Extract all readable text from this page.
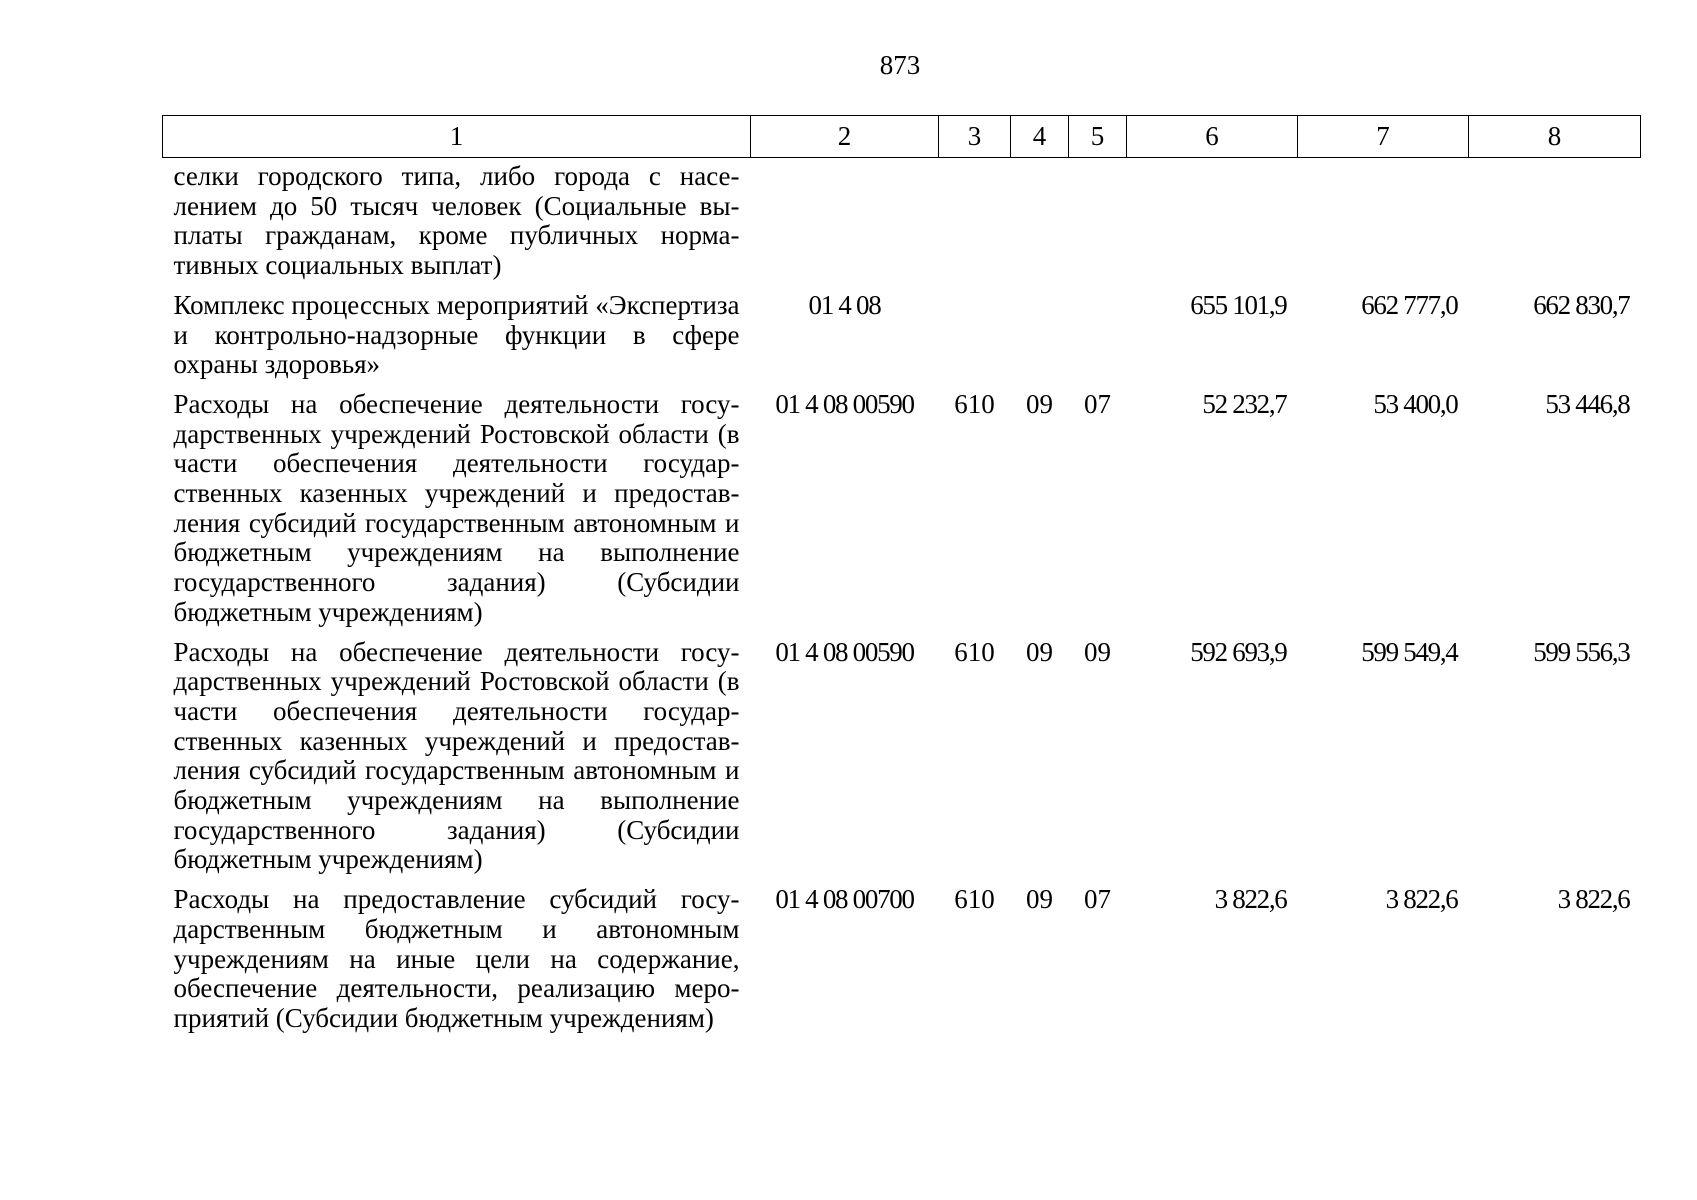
873
1	2	3	4	5	6	7	8
селки городского типа, либо города с населением до 50 тысяч человек (Социальные выплаты гражданам, кроме публичных нормативных социальных выплат)							
Комплекс процессных мероприятий «Экспертиза и контрольно-надзорные функции в сфере охраны здоровья»	01 4 08				655 101,9	662 777,0	662 830,7
Расходы на обеспечение деятельности государственных учреждений Ростовской области (в части обеспечения деятельности государственных казенных учреждений и предоставления субсидий государственным автономным и бюджетным учреждениям на выполнение государственного задания) (Субсидии бюджетным учреждениям)	01 4 08 00590	610	09	07	52 232,7	53 400,0	53 446,8
Расходы на обеспечение деятельности государственных учреждений Ростовской области (в части обеспечения деятельности государственных казенных учреждений и предоставления субсидий государственным автономным и бюджетным учреждениям на выполнение государственного задания) (Субсидии бюджетным учреждениям)	01 4 08 00590	610	09	09	592 693,9	599 549,4	599 556,3
Расходы на предоставление субсидий государственным бюджетным и автономным учреждениям на иные цели на содержание, обеспечение деятельности, реализацию мероприятий (Субсидии бюджетным учреждениям)	01 4 08 00700	610	09	07	3 822,6	3 822,6	3 822,6
